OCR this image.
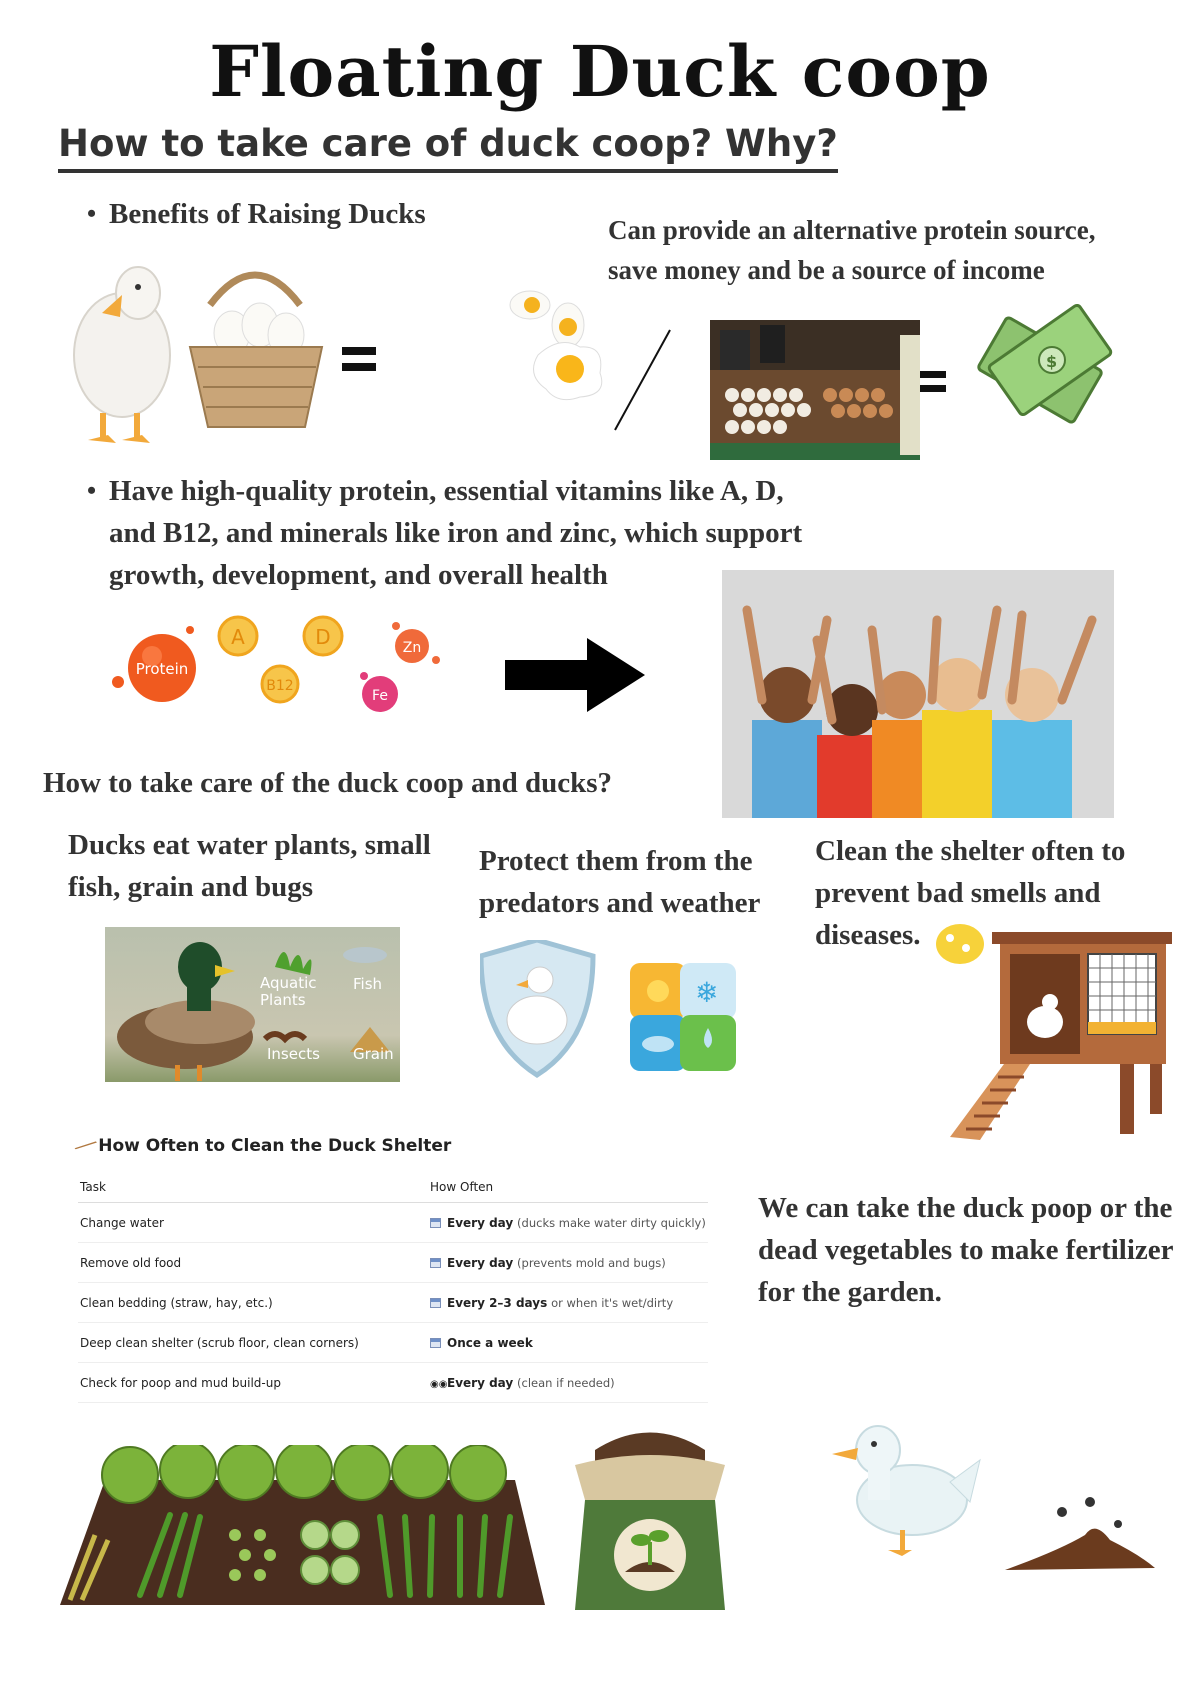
Floating Duck coop
How to take care of duck coop? Why?
• Benefits of Raising Ducks	Can provide an alternative protein source, save money and be a source of income
$
• Have high-quality protein, essential vitamins like A, D, and B12, and minerals like iron and zinc, which support growth, development, and overall health
Protein
A	D
B12
Zn
Fe
How to take care of the duck coop and ducks?
Ducks eat water plants, small fish, grain and bugs
Protect them from the predators and weather
Clean the shelter often to prevent bad smells and diseases.
Aquatic Plants
Fish
Insects Grain
❄
╱ How Often to Clean the Duck Shelter
Task	How Often
Change water	Every day (ducks make water dirty quickly)
Remove old food	Every day (prevents mold and bugs)
Clean bedding (straw, hay, etc.)	Every 2–3 days or when it's wet/dirty
Deep clean shelter (scrub floor, clean corners)	Once a week
Check for poop and mud build-up	◉◉Every day (clean if needed)
We can take the duck poop or the dead vegetables to make fertilizer for the garden.
